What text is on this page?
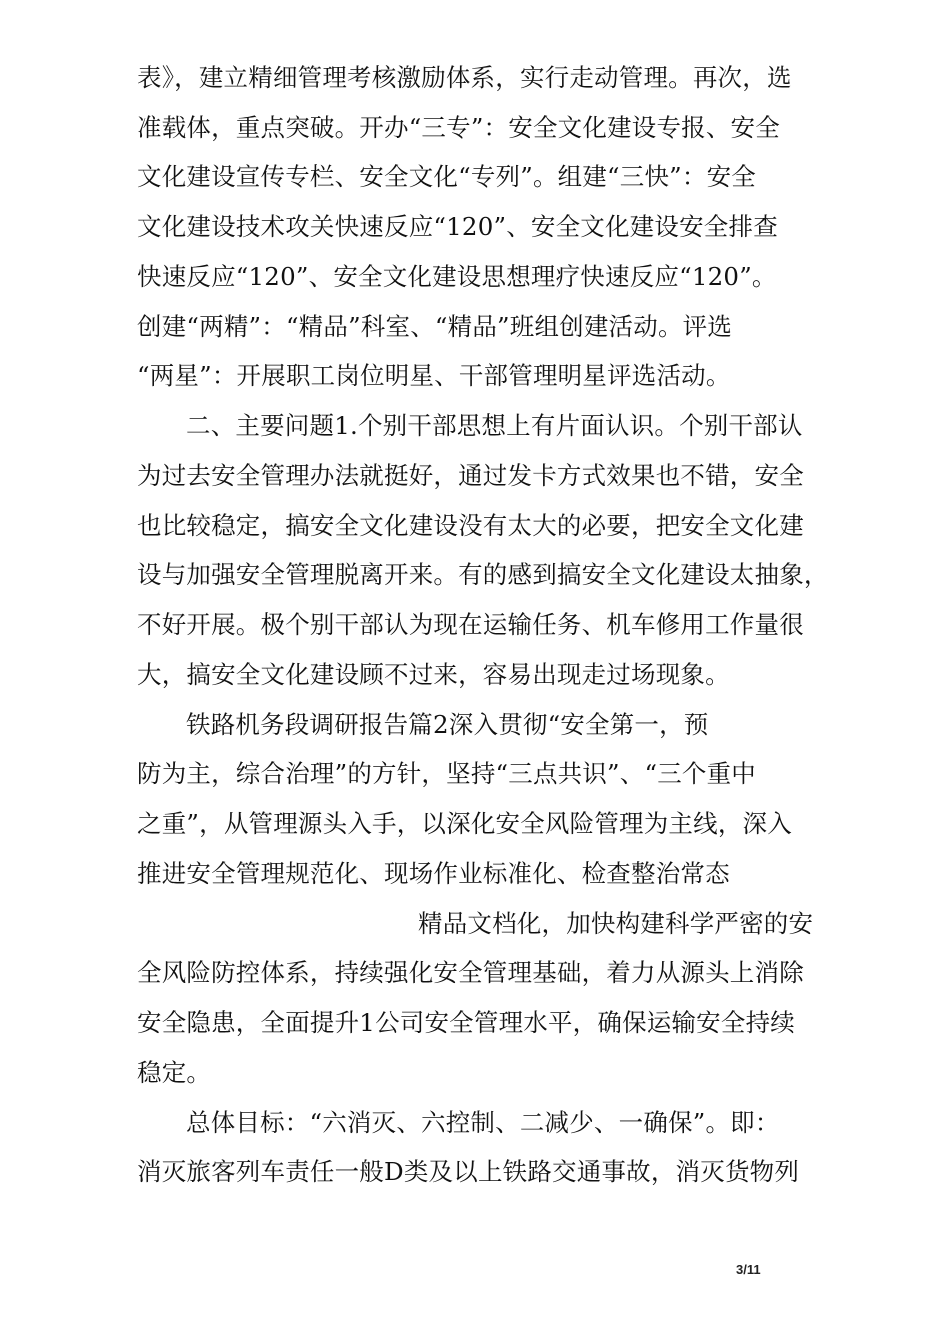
表》，建立精细管理考核激励体系，实行走动管理。再次，选
准载体，重点突破。开办“三专”：安全文化建设专报、安全
文化建设宣传专栏、安全文化“专列”。组建“三快”：安全
文化建设技术攻关快速反应“120”、安全文化建设安全排查
快速反应“120”、安全文化建设思想理疗快速反应“120”。
创建“两精”：“精品”科室、“精品”班组创建活动。评选
“两星”：开展职工岗位明星、干部管理明星评选活动。
二、主要问题1.个别干部思想上有片面认识。个别干部认
为过去安全管理办法就挺好，通过发卡方式效果也不错，安全
也比较稳定，搞安全文化建设没有太大的必要，把安全文化建
设与加强安全管理脱离开来。有的感到搞安全文化建设太抽象，
不好开展。极个别干部认为现在运输任务、机车修用工作量很
大，搞安全文化建设顾不过来，容易出现走过场现象。
铁路机务段调研报告篇2深入贯彻“安全第一，预
防为主，综合治理”的方针，坚持“三点共识”、“三个重中
之重”，从管理源头入手，以深化安全风险管理为主线，深入
推进安全管理规范化、现场作业标准化、检查整治常态
精品文档化，加快构建科学严密的安
全风险防控体系，持续强化安全管理基础，着力从源头上消除
安全隐患，全面提升1公司安全管理水平，确保运输安全持续
稳定。
总体目标：“六消灭、六控制、二减少、一确保”。即：
消灭旅客列车责任一般D类及以上铁路交通事故，消灭货物列
3/11
